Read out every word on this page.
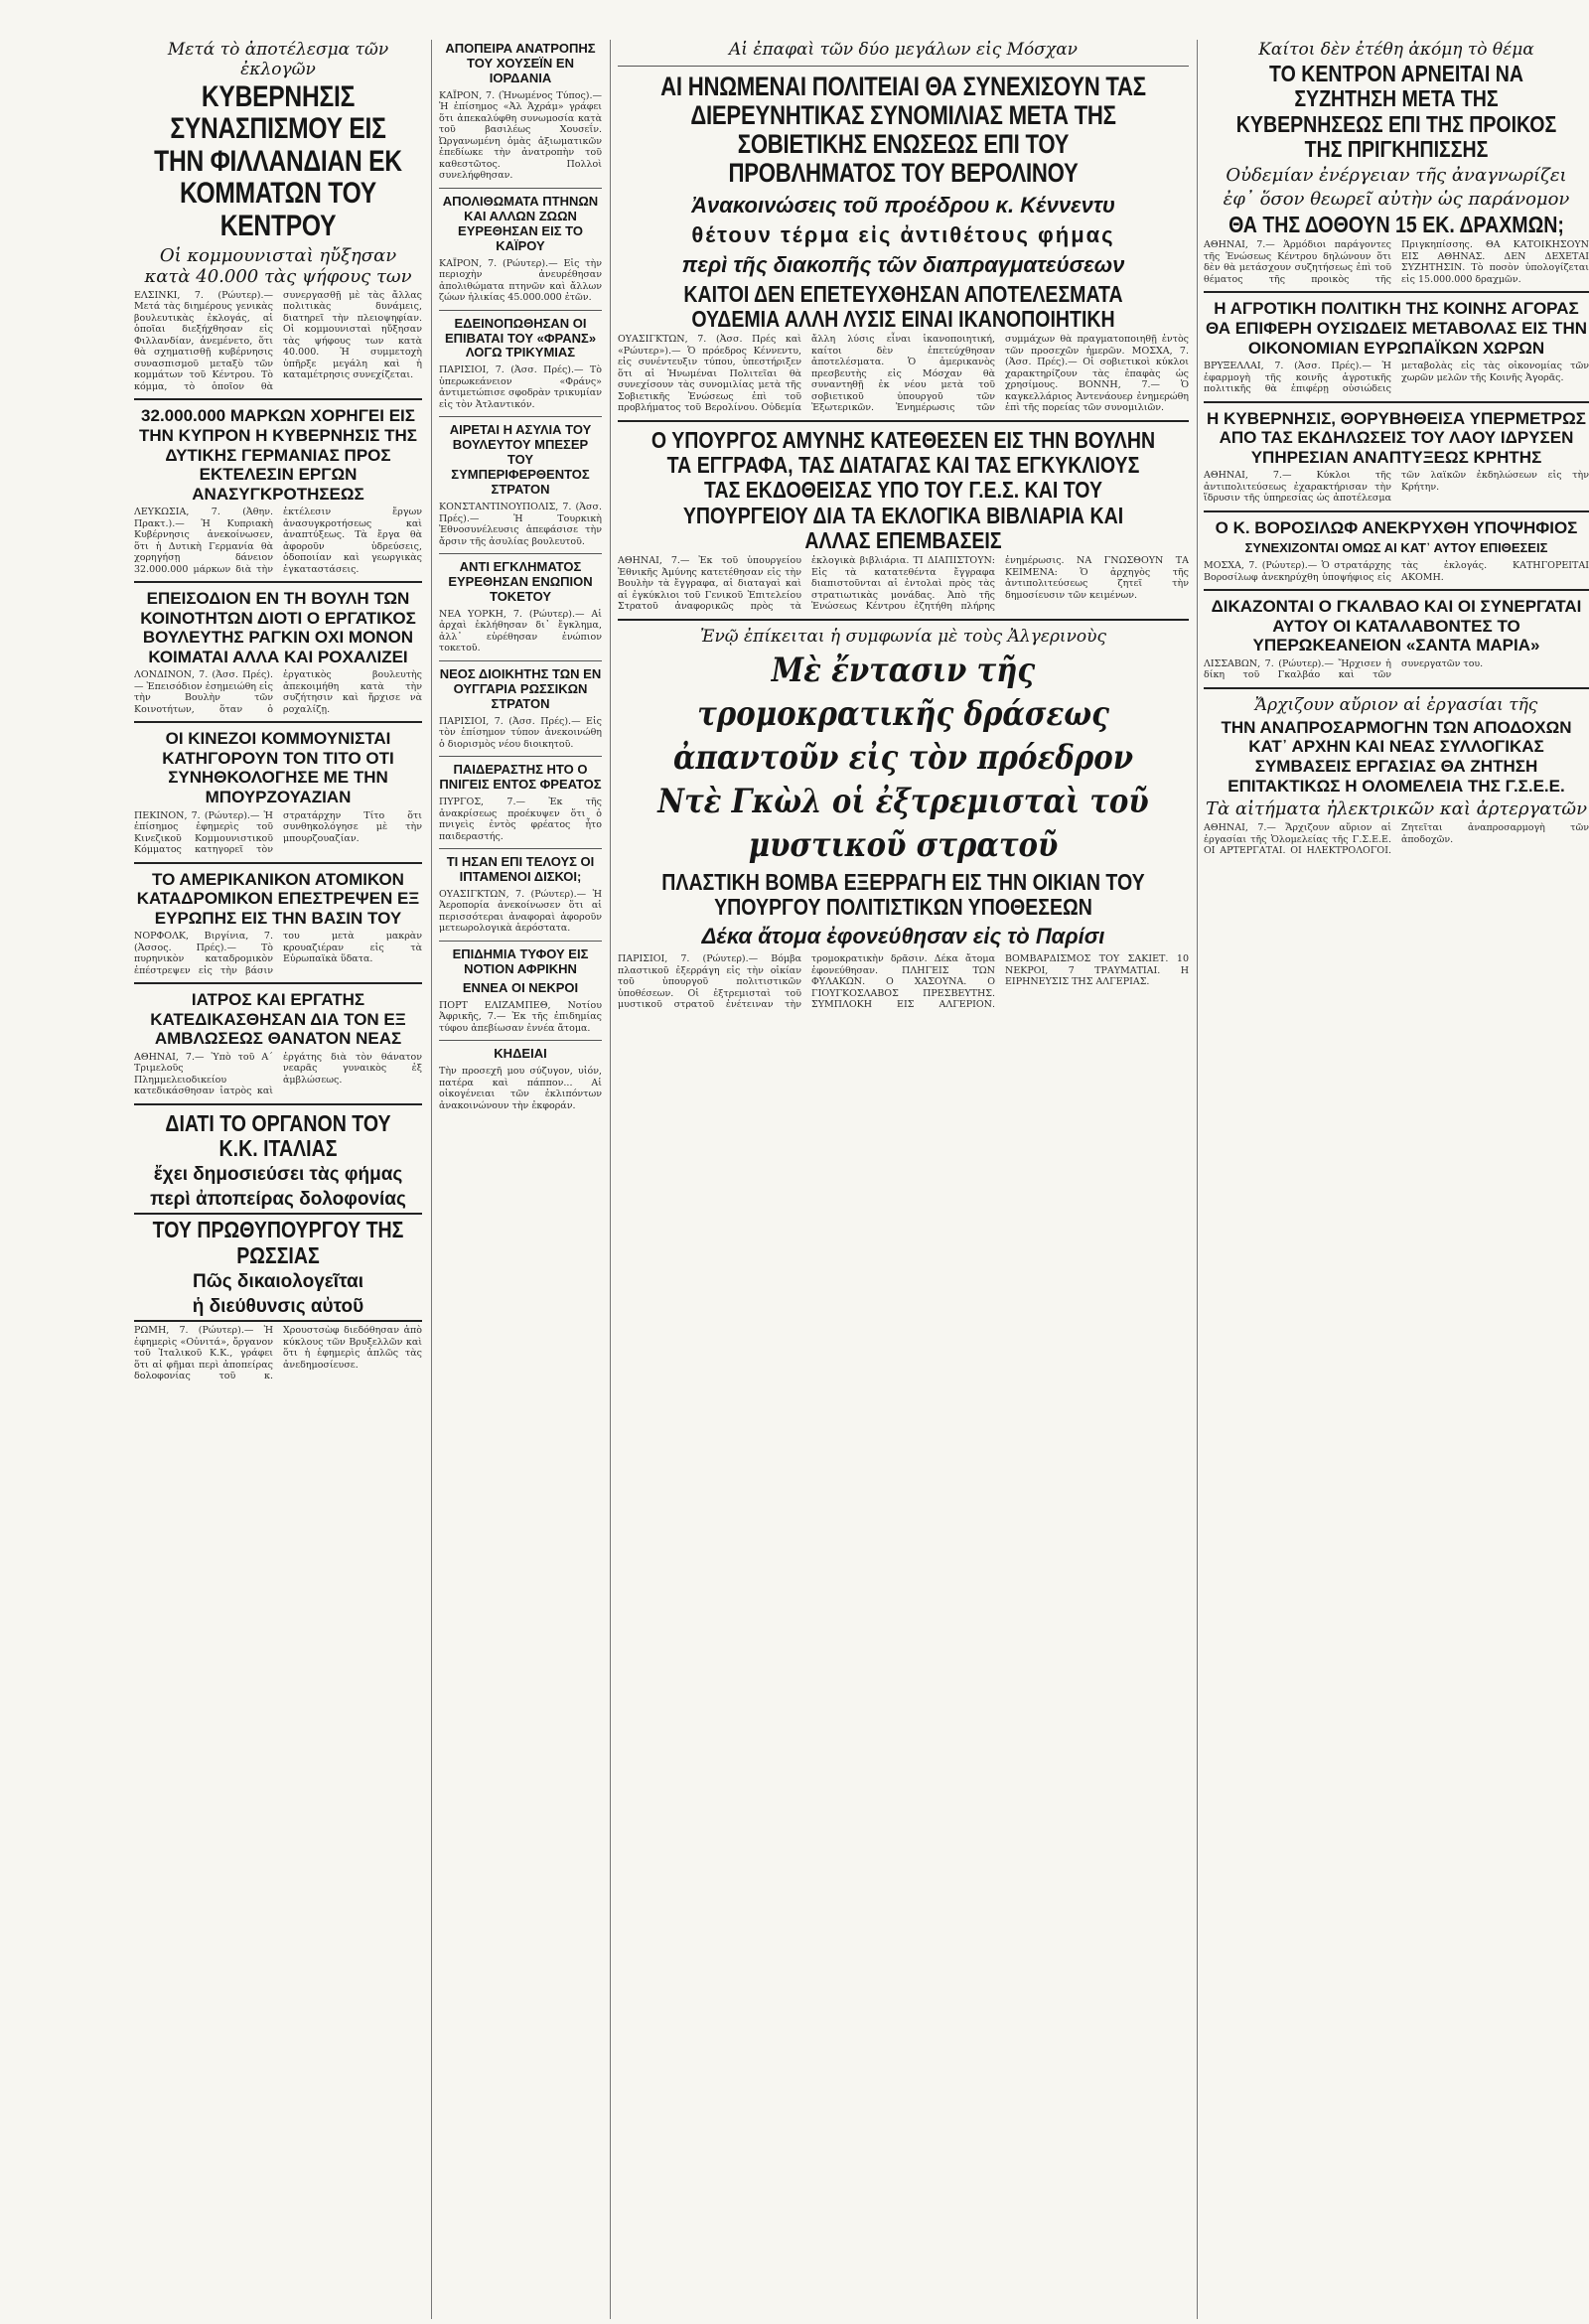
Μετά τὸ ἀποτέλεσμα τῶν ἐκλογῶν
ΚΥΒΕΡΝΗΣΙΣ ΣΥΝΑΣΠΙΣΜΟΥ ΕΙΣ ΤΗΝ ΦΙΛΛΑΝΔΙΑΝ ΕΚ ΚΟΜΜΑΤΩΝ ΤΟΥ ΚΕΝΤΡΟΥ
Οἱ κομμουνισταὶ ηὔξησαν κατὰ 40.000 τὰς ψήφους των
ΕΛΣΙΝΚΙ, 7. (Ρώυτερ).— Μετά τὰς διημέρους γενικὰς βουλευτικὰς ἐκλογάς, αἱ ὁποῖαι διεξήχθησαν εἰς Φιλλανδίαν, ἀνεμένετο, ὅτι θὰ σχηματισθῇ κυβέρνησις συνασπισμοῦ μεταξὺ τῶν κομμάτων τοῦ Κέντρου. Τὸ κόμμα, τὸ ὁποῖον θὰ συνεργασθῇ μὲ τὰς ἄλλας πολιτικὰς δυνάμεις, διατηρεῖ τὴν πλειοψηφίαν. Οἱ κομμουνισταὶ ηὔξησαν τὰς ψήφους των κατὰ 40.000. Ἡ συμμετοχὴ ὑπῆρξε μεγάλη καὶ ἡ καταμέτρησις συνεχίζεται.
32.000.000 ΜΑΡΚΩΝ ΧΟΡΗΓΕΙ ΕΙΣ ΤΗΝ ΚΥΠΡΟΝ Η ΚΥΒΕΡΝΗΣΙΣ ΤΗΣ ΔΥΤΙΚΗΣ ΓΕΡΜΑΝΙΑΣ ΠΡΟΣ ΕΚΤΕΛΕΣΙΝ ΕΡΓΩΝ ΑΝΑΣΥΓΚΡΟΤΗΣΕΩΣ
ΛΕΥΚΩΣΙΑ, 7. (Ἀθην. Πρακτ.).— Ἡ Κυπριακὴ Κυβέρνησις ἀνεκοίνωσεν, ὅτι ἡ Δυτικὴ Γερμανία θὰ χορηγήσῃ δάνειον 32.000.000 μάρκων διὰ τὴν ἐκτέλεσιν ἔργων ἀνασυγκροτήσεως καὶ ἀναπτύξεως. Τὰ ἔργα θὰ ἀφοροῦν ὑδρεύσεις, ὁδοποιίαν καὶ γεωργικὰς ἐγκαταστάσεις.
ΕΠΕΙΣΟΔΙΟΝ ΕΝ ΤΗ ΒΟΥΛΗ ΤΩΝ ΚΟΙΝΟΤΗΤΩΝ ΔΙΟΤΙ Ο ΕΡΓΑΤΙΚΟΣ ΒΟΥΛΕΥΤΗΣ ΡΑΓΚΙΝ ΟΧΙ ΜΟΝΟΝ ΚΟΙΜΑΤΑΙ ΑΛΛΑ ΚΑΙ ΡΟΧΑΛΙΖΕΙ
ΛΟΝΔΙΝΟΝ, 7. (Ἀσσ. Πρές).— Ἐπεισόδιον ἐσημειώθη εἰς τὴν Βουλὴν τῶν Κοινοτήτων, ὅταν ὁ ἐργατικὸς βουλευτὴς ἀπεκοιμήθη κατὰ τὴν συζήτησιν καὶ ἤρχισε νὰ ροχαλίζῃ.
ΟΙ ΚΙΝΕΖΟΙ ΚΟΜΜΟΥΝΙΣΤΑΙ ΚΑΤΗΓΟΡΟΥΝ ΤΟΝ ΤΙΤΟ ΟΤΙ ΣΥΝΗΘΚΟΛΟΓΗΣΕ ΜΕ ΤΗΝ ΜΠΟΥΡΖΟΥΑΖΙΑΝ
ΠΕΚΙΝΟΝ, 7. (Ρώυτερ).— Ἡ ἐπίσημος ἐφημερὶς τοῦ Κινεζικοῦ Κομμουνιστικοῦ Κόμματος κατηγορεῖ τὸν στρατάρχην Τίτο ὅτι συνθηκολόγησε μὲ τὴν μπουρζουαζίαν.
ΤΟ ΑΜΕΡΙΚΑΝΙΚΟΝ ΑΤΟΜΙΚΟΝ ΚΑΤΑΔΡΟΜΙΚΟΝ ΕΠΕΣΤΡΕΨΕΝ ΕΞ ΕΥΡΩΠΗΣ ΕΙΣ ΤΗΝ ΒΑΣΙΝ ΤΟΥ
ΝΟΡΦΟΛΚ, Βιργίνια, 7. (Ἀσσος. Πρές).— Τὸ πυρηνικὸν καταδρομικὸν ἐπέστρεψεν εἰς τὴν βάσιν του μετὰ μακρὰν κρουαζιέραν εἰς τὰ Εὐρωπαϊκὰ ὕδατα.
ΙΑΤΡΟΣ ΚΑΙ ΕΡΓΑΤΗΣ ΚΑΤΕΔΙΚΑΣΘΗΣΑΝ ΔΙΑ ΤΟΝ ΕΞ ΑΜΒΛΩΣΕΩΣ ΘΑΝΑΤΟΝ ΝΕΑΣ
ΑΘΗΝΑΙ, 7.— Ὑπὸ τοῦ Α΄ Τριμελοῦς Πλημμελειοδικείου κατεδικάσθησαν ἰατρὸς καὶ ἐργάτης διὰ τὸν θάνατον νεαρᾶς γυναικὸς ἐξ ἀμβλώσεως.
ΔΙΑΤΙ ΤΟ ΟΡΓΑΝΟΝ ΤΟΥ Κ.Κ. ΙΤΑΛΙΑΣ
ἔχει δημοσιεύσει τὰς φήμας
περὶ ἀποπείρας δολοφονίας
ΤΟΥ ΠΡΩΘΥΠΟΥΡΓΟΥ ΤΗΣ ΡΩΣΣΙΑΣ
Πῶς δικαιολογεῖται
ἡ διεύθυνσις αὐτοῦ
ΡΩΜΗ, 7. (Ρώυτερ).— Ἡ ἐφημερὶς «Οὐνιτά», ὄργανον τοῦ Ἰταλικοῦ Κ.Κ., γράφει ὅτι αἱ φῆμαι περὶ ἀποπείρας δολοφονίας τοῦ κ. Χρουστσὼφ διεδόθησαν ἀπὸ κύκλους τῶν Βρυξελλῶν καὶ ὅτι ἡ ἐφημερὶς ἀπλῶς τὰς ἀνεδημοσίευσε.
ΑΠΟΠΕΙΡΑ ΑΝΑΤΡΟΠΗΣ ΤΟΥ ΧΟΥΣΕΪΝ ΕΝ ΙΟΡΔΑΝΙΑ
ΚΑΪΡΟΝ, 7. (Ἠνωμένος Τύπος).— Ἡ ἐπίσημος «Ἀλ Ἀχράμ» γράφει ὅτι ἀπεκαλύφθη συνωμοσία κατὰ τοῦ βασιλέως Χουσεΐν. Ὠργανωμένη ὁμὰς ἀξιωματικῶν ἐπεδίωκε τὴν ἀνατροπὴν τοῦ καθεστῶτος. Πολλοὶ συνελήφθησαν.
ΑΠΟΛΙΘΩΜΑΤΑ ΠΤΗΝΩΝ ΚΑΙ ΑΛΛΩΝ ΖΩΩΝ ΕΥΡΕΘΗΣΑΝ ΕΙΣ ΤΟ ΚΑΪΡΟΥ
ΚΑΪΡΟΝ, 7. (Ρώυτερ).— Εἰς τὴν περιοχὴν ἀνευρέθησαν ἀπολιθώματα πτηνῶν καὶ ἄλλων ζώων ἡλικίας 45.000.000 ἐτῶν.
ΕΔΕΙΝΟΠΩΘΗΣΑΝ ΟΙ ΕΠΙΒΑΤΑΙ ΤΟΥ «ΦΡΑΝΣ» ΛΟΓΩ ΤΡΙΚΥΜΙΑΣ
ΠΑΡΙΣΙΟΙ, 7. (Ἀσσ. Πρές).— Τὸ ὑπερωκεάνειον «Φράνς» ἀντιμετώπισε σφοδρὰν τρικυμίαν εἰς τὸν Ἀτλαντικόν.
ΑΙΡΕΤΑΙ Η ΑΣΥΛΙΑ ΤΟΥ ΒΟΥΛΕΥΤΟΥ ΜΠΕΣΕΡ ΤΟΥ ΣΥΜΠΕΡΙΦΕΡΘΕΝΤΟΣ ΣΤΡΑΤΟΝ
ΚΟΝΣΤΑΝΤΙΝΟΥΠΟΛΙΣ, 7. (Ἀσσ. Πρές).— Ἡ Τουρκικὴ Ἐθνοσυνέλευσις ἀπεφάσισε τὴν ἄρσιν τῆς ἀσυλίας βουλευτοῦ.
ΑΝΤΙ ΕΓΚΛΗΜΑΤΟΣ ΕΥΡΕΘΗΣΑΝ ΕΝΩΠΙΟΝ ΤΟΚΕΤΟΥ
ΝΕΑ ΥΟΡΚΗ, 7. (Ρώυτερ).— Αἱ ἀρχαὶ ἐκλήθησαν δι᾽ ἔγκλημα, ἀλλ᾽ εὑρέθησαν ἐνώπιον τοκετοῦ.
ΝΕΟΣ ΔΙΟΙΚΗΤΗΣ ΤΩΝ ΕΝ ΟΥΓΓΑΡΙΑ ΡΩΣΣΙΚΩΝ ΣΤΡΑΤΟΝ
ΠΑΡΙΣΙΟΙ, 7. (Ἀσσ. Πρές).— Εἰς τὸν ἐπίσημον τύπον ἀνεκοινώθη ὁ διορισμὸς νέου διοικητοῦ.
ΠΑΙΔΕΡΑΣΤΗΣ ΗΤΟ Ο ΠΝΙΓΕΙΣ ΕΝΤΟΣ ΦΡΕΑΤΟΣ
ΠΥΡΓΟΣ, 7.— Ἐκ τῆς ἀνακρίσεως προέκυψεν ὅτι ὁ πνιγεὶς ἐντὸς φρέατος ἦτο παιδεραστής.
ΤΙ ΗΣΑΝ ΕΠΙ ΤΕΛΟΥΣ ΟΙ ΙΠΤΑΜΕΝΟΙ ΔΙΣΚΟΙ;
ΟΥΑΣΙΓΚΤΩΝ, 7. (Ρώυτερ).— Ἡ Ἀεροπορία ἀνεκοίνωσεν ὅτι αἱ περισσότεραι ἀναφοραὶ ἀφοροῦν μετεωρολογικὰ ἀερόστατα.
ΕΠΙΔΗΜΙΑ ΤΥΦΟΥ ΕΙΣ ΝΟΤΙΟΝ ΑΦΡΙΚΗΝ
ΕΝΝΕΑ ΟΙ ΝΕΚΡΟΙ
ΠΟΡΤ ΕΛΙΖΑΜΠΕΘ, Νοτίου Ἀφρικῆς, 7.— Ἐκ τῆς ἐπιδημίας τύφου ἀπεβίωσαν ἐννέα ἄτομα.
ΚΗΔΕΙΑΙ
Τὴν προσεχῆ μου σύζυγον, υἱόν, πατέρα καὶ πάππον... Αἱ οἰκογένειαι τῶν ἐκλιπόντων ἀνακοινώνουν τὴν ἐκφοράν.
Αἱ ἐπαφαὶ τῶν δύο μεγάλων εἰς Μόσχαν
ΑΙ ΗΝΩΜΕΝΑΙ ΠΟΛΙΤΕΙΑΙ ΘΑ ΣΥΝΕΧΙΣΟΥΝ ΤΑΣ ΔΙΕΡΕΥΝΗΤΙΚΑΣ ΣΥΝΟΜΙΛΙΑΣ ΜΕΤΑ ΤΗΣ ΣΟΒΙΕΤΙΚΗΣ ΕΝΩΣΕΩΣ ΕΠΙ ΤΟΥ ΠΡΟΒΛΗΜΑΤΟΣ ΤΟΥ ΒΕΡΟΛΙΝΟΥ
Ἀνακοινώσεις τοῦ προέδρου κ. Κέννεντυ
θέτουν τέρμα εἰς ἀντιθέτους φήμας
περὶ τῆς διακοπῆς τῶν διαπραγματεύσεων
ΚΑΙΤΟΙ ΔΕΝ ΕΠΕΤΕΥΧΘΗΣΑΝ ΑΠΟΤΕΛΕΣΜΑΤΑ ΟΥΔΕΜΙΑ ΑΛΛΗ ΛΥΣΙΣ ΕΙΝΑΙ ΙΚΑΝΟΠΟΙΗΤΙΚΗ
ΟΥΑΣΙΓΚΤΩΝ, 7. (Ἀσσ. Πρές καὶ «Ρώυτερ»).— Ὁ πρόεδρος Κέννεντυ, εἰς συνέντευξιν τύπου, ὑπεστήριξεν ὅτι αἱ Ἡνωμέναι Πολιτεῖαι θὰ συνεχίσουν τὰς συνομιλίας μετὰ τῆς Σοβιετικῆς Ἑνώσεως ἐπὶ τοῦ προβλήματος τοῦ Βερολίνου. Οὐδεμία ἄλλη λύσις εἶναι ἱκανοποιητική, καίτοι δὲν ἐπετεύχθησαν ἀποτελέσματα. Ὁ ἀμερικανὸς πρεσβευτὴς εἰς Μόσχαν θὰ συναντηθῇ ἐκ νέου μετὰ τοῦ σοβιετικοῦ ὑπουργοῦ τῶν Ἐξωτερικῶν. Ἐνημέρωσις τῶν συμμάχων θὰ πραγματοποιηθῇ ἐντὸς τῶν προσεχῶν ἡμερῶν. ΜΟΣΧΑ, 7. (Ἀσσ. Πρές).— Οἱ σοβιετικοὶ κύκλοι χαρακτηρίζουν τὰς ἐπαφὰς ὡς χρησίμους. ΒΟΝΝΗ, 7.— Ὁ καγκελλάριος Ἀντενάουερ ἐνημερώθη ἐπὶ τῆς πορείας τῶν συνομιλιῶν.
Ο ΥΠΟΥΡΓΟΣ ΑΜΥΝΗΣ ΚΑΤΕΘΕΣΕΝ ΕΙΣ ΤΗΝ ΒΟΥΛΗΝ ΤΑ ΕΓΓΡΑΦΑ, ΤΑΣ ΔΙΑΤΑΓΑΣ ΚΑΙ ΤΑΣ ΕΓΚΥΚΛΙΟΥΣ ΤΑΣ ΕΚΔΟΘΕΙΣΑΣ ΥΠΟ ΤΟΥ Γ.Ε.Σ. ΚΑΙ ΤΟΥ ΥΠΟΥΡΓΕΙΟΥ ΔΙΑ ΤΑ ΕΚΛΟΓΙΚΑ ΒΙΒΛΙΑΡΙΑ ΚΑΙ ΑΛΛΑΣ ΕΠΕΜΒΑΣΕΙΣ
ΑΘΗΝΑΙ, 7.— Ἐκ τοῦ ὑπουργείου Ἐθνικῆς Ἀμύνης κατετέθησαν εἰς τὴν Βουλὴν τὰ ἔγγραφα, αἱ διαταγαὶ καὶ αἱ ἐγκύκλιοι τοῦ Γενικοῦ Ἐπιτελείου Στρατοῦ ἀναφορικῶς πρὸς τὰ ἐκλογικὰ βιβλιάρια. ΤΙ ΔΙΑΠΙΣΤΟΥΝ: Εἰς τὰ κατατεθέντα ἔγγραφα διαπιστοῦνται αἱ ἐντολαὶ πρὸς τὰς στρατιωτικὰς μονάδας. Ἀπὸ τῆς Ἑνώσεως Κέντρου ἐζητήθη πλήρης ἐνημέρωσις. ΝΑ ΓΝΩΣΘΟΥΝ ΤΑ ΚΕΙΜΕΝΑ: Ὁ ἀρχηγὸς τῆς ἀντιπολιτεύσεως ζητεῖ τὴν δημοσίευσιν τῶν κειμένων.
Ἐνῷ ἐπίκειται ἡ συμφωνία μὲ τοὺς Ἀλγερινοὺς
Μὲ ἔντασιν τῆς τρομοκρατικῆς δράσεως ἀπαντοῦν εἰς τὸν πρόεδρον Ντὲ Γκὼλ οἱ ἐξτρεμισταὶ τοῦ μυστικοῦ στρατοῦ
ΠΛΑΣΤΙΚΗ ΒΟΜΒΑ ΕΞΕΡΡΑΓΗ ΕΙΣ ΤΗΝ ΟΙΚΙΑΝ ΤΟΥ ΥΠΟΥΡΓΟΥ ΠΟΛΙΤΙΣΤΙΚΩΝ ΥΠΟΘΕΣΕΩΝ
Δέκα ἄτομα ἐφονεύθησαν εἰς τὸ Παρίσι
ΠΑΡΙΣΙΟΙ, 7. (Ρώυτερ).— Βόμβα πλαστικοῦ ἐξερράγη εἰς τὴν οἰκίαν τοῦ ὑπουργοῦ πολιτιστικῶν ὑποθέσεων. Οἱ ἐξτρεμισταὶ τοῦ μυστικοῦ στρατοῦ ἐνέτειναν τὴν τρομοκρατικὴν δρᾶσιν. Δέκα ἄτομα ἐφονεύθησαν. ΠΛΗΓΕΙΣ ΤΩΝ ΦΥΛΑΚΩΝ. Ο ΧΑΣΟΥΝΑ. Ο ΓΙΟΥΓΚΟΣΛΑΒΟΣ ΠΡΕΣΒΕΥΤΗΣ. ΣΥΜΠΛΟΚΗ ΕΙΣ ΑΛΓΕΡΙΟΝ. ΒΟΜΒΑΡΔΙΣΜΟΣ ΤΟΥ ΣΑΚΙΕΤ. 10 ΝΕΚΡΟΙ, 7 ΤΡΑΥΜΑΤΙΑΙ. Η ΕΙΡΗΝΕΥΣΙΣ ΤΗΣ ΑΛΓΕΡΙΑΣ.
Καίτοι δὲν ἐτέθη ἀκόμη τὸ θέμα
ΤΟ ΚΕΝΤΡΟΝ ΑΡΝΕΙΤΑΙ ΝΑ ΣΥΖΗΤΗΣΗ ΜΕΤΑ ΤΗΣ ΚΥΒΕΡΝΗΣΕΩΣ ΕΠΙ ΤΗΣ ΠΡΟΙΚΟΣ ΤΗΣ ΠΡΙΓΚΗΠΙΣΣΗΣ
Οὐδεμίαν ἐνέργειαν τῆς ἀναγνωρίζει
ἐφ᾽ ὅσον θεωρεῖ αὐτὴν ὡς παράνομον
ΘΑ ΤΗΣ ΔΟΘΟΥΝ 15 ΕΚ. ΔΡΑΧΜΩΝ;
ΑΘΗΝΑΙ, 7.— Ἁρμόδιοι παράγοντες τῆς Ἑνώσεως Κέντρου δηλώνουν ὅτι δὲν θὰ μετάσχουν συζητήσεως ἐπὶ τοῦ θέματος τῆς προικὸς τῆς Πριγκηπίσσης. ΘΑ ΚΑΤΟΙΚΗΣΟΥΝ ΕΙΣ ΑΘΗΝΑΣ. ΔΕΝ ΔΕΧΕΤΑΙ ΣΥΖΗΤΗΣΙΝ. Τὸ ποσὸν ὑπολογίζεται εἰς 15.000.000 δραχμῶν.
Η ΑΓΡΟΤΙΚΗ ΠΟΛΙΤΙΚΗ ΤΗΣ ΚΟΙΝΗΣ ΑΓΟΡΑΣ ΘΑ ΕΠΙΦΕΡΗ ΟΥΣΙΩΔΕΙΣ ΜΕΤΑΒΟΛΑΣ ΕΙΣ ΤΗΝ ΟΙΚΟΝΟΜΙΑΝ ΕΥΡΩΠΑΪΚΩΝ ΧΩΡΩΝ
ΒΡΥΞΕΛΛΑΙ, 7. (Ἀσσ. Πρές).— Ἡ ἐφαρμογὴ τῆς κοινῆς ἀγροτικῆς πολιτικῆς θὰ ἐπιφέρῃ οὐσιώδεις μεταβολὰς εἰς τὰς οἰκονομίας τῶν χωρῶν μελῶν τῆς Κοινῆς Ἀγορᾶς.
Η ΚΥΒΕΡΝΗΣΙΣ, ΘΟΡΥΒΗΘΕΙΣΑ ΥΠΕΡΜΕΤΡΩΣ ΑΠΟ ΤΑΣ ΕΚΔΗΛΩΣΕΙΣ ΤΟΥ ΛΑΟΥ ΙΔΡΥΣΕΝ ΥΠΗΡΕΣΙΑΝ ΑΝΑΠΤΥΞΕΩΣ ΚΡΗΤΗΣ
ΑΘΗΝΑΙ, 7.— Κύκλοι τῆς ἀντιπολιτεύσεως ἐχαρακτήρισαν τὴν ἵδρυσιν τῆς ὑπηρεσίας ὡς ἀποτέλεσμα τῶν λαϊκῶν ἐκδηλώσεων εἰς τὴν Κρήτην.
Ο Κ. ΒΟΡΟΣΙΛΩΦ ΑΝΕΚΡΥΧΘΗ ΥΠΟΨΗΦΙΟΣ
ΣΥΝΕΧΙΖΟΝΤΑΙ ΟΜΩΣ ΑΙ ΚΑΤ᾽ ΑΥΤΟΥ ΕΠΙΘΕΣΕΙΣ
ΜΟΣΧΑ, 7. (Ρώυτερ).— Ὁ στρατάρχης Βοροσίλωφ ἀνεκηρύχθη ὑποψήφιος εἰς τὰς ἐκλογάς. ΚΑΤΗΓΟΡΕΙΤΑΙ ΑΚΟΜΗ.
ΔΙΚΑΖΟΝΤΑΙ Ο ΓΚΑΛΒΑΟ ΚΑΙ ΟΙ ΣΥΝΕΡΓΑΤΑΙ ΑΥΤΟΥ ΟΙ ΚΑΤΑΛΑΒΟΝΤΕΣ ΤΟ ΥΠΕΡΩΚΕΑΝΕΙΟΝ «ΣΑΝΤΑ ΜΑΡΙΑ»
ΛΙΣΣΑΒΩΝ, 7. (Ρώυτερ).— Ἤρχισεν ἡ δίκη τοῦ Γκαλβάο καὶ τῶν συνεργατῶν του.
Ἄρχιζουν αὔριον αἱ ἐργασίαι τῆς
ΤΗΝ ΑΝΑΠΡΟΣΑΡΜΟΓΗΝ ΤΩΝ ΑΠΟΔΟΧΩΝ ΚΑΤ᾽ ΑΡΧΗΝ ΚΑΙ ΝΕΑΣ ΣΥΛΛΟΓΙΚΑΣ ΣΥΜΒΑΣΕΙΣ ΕΡΓΑΣΙΑΣ ΘΑ ΖΗΤΗΣΗ ΕΠΙΤΑΚΤΙΚΩΣ Η ΟΛΟΜΕΛΕΙΑ ΤΗΣ Γ.Σ.Ε.Ε.
Τὰ αἰτήματα ἠλεκτρικῶν καὶ ἀρτεργατῶν
ΑΘΗΝΑΙ, 7.— Ἄρχιζουν αὔριον αἱ ἐργασίαι τῆς Ὁλομελείας τῆς Γ.Σ.Ε.Ε. ΟΙ ΑΡΤΕΡΓΑΤΑΙ. ΟΙ ΗΛΕΚΤΡΟΛΟΓΟΙ. Ζητεῖται ἀναπροσαρμογὴ τῶν ἀποδοχῶν.
